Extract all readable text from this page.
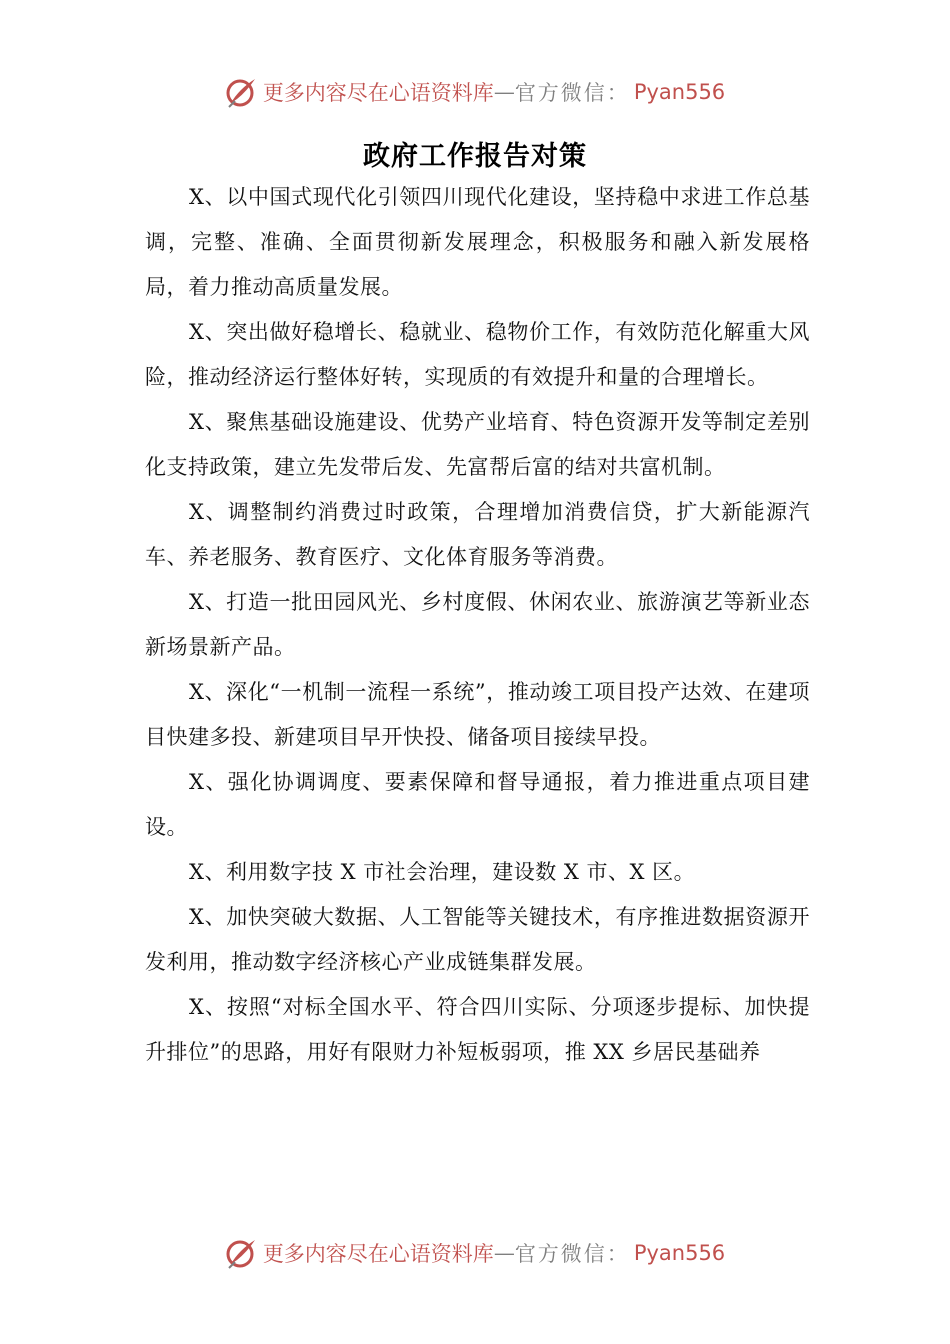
更多内容尽在心语资料库 — 官方微信： Pyan556
政府工作报告对策

X、以中国式现代化引领四川现代化建设，坚持稳中求进工作总基调，完整、准确、全面贯彻新发展理念，积极服务和融入新发展格局，着力推动高质量发展。

X、突出做好稳增长、稳就业、稳物价工作，有效防范化解重大风险，推动经济运行整体好转，实现质的有效提升和量的合理增长。

X、聚焦基础设施建设、优势产业培育、特色资源开发等制定差别化支持政策，建立先发带后发、先富帮后富的结对共富机制。

X、调整制约消费过时政策，合理增加消费信贷，扩大新能源汽车、养老服务、教育医疗、文化体育服务等消费。

X、打造一批田园风光、乡村度假、休闲农业、旅游演艺等新业态新场景新产品。

X、深化“一机制一流程一系统”，推动竣工项目投产达效、在建项目快建多投、新建项目早开快投、储备项目接续早投。

X、强化协调调度、要素保障和督导通报，着力推进重点项目建设。

X、利用数字技 X 市社会治理，建设数 X 市、X 区。

X、加快突破大数据、人工智能等关键技术，有序推进数据资源开发利用，推动数字经济核心产业成链集群发展。

X、按照“对标全国水平、符合四川实际、分项逐步提标、加快提升排位”的思路，用好有限财力补短板弱项，推 XX 乡居民基础养

更多内容尽在心语资料库 — 官方微信： Pyan556
